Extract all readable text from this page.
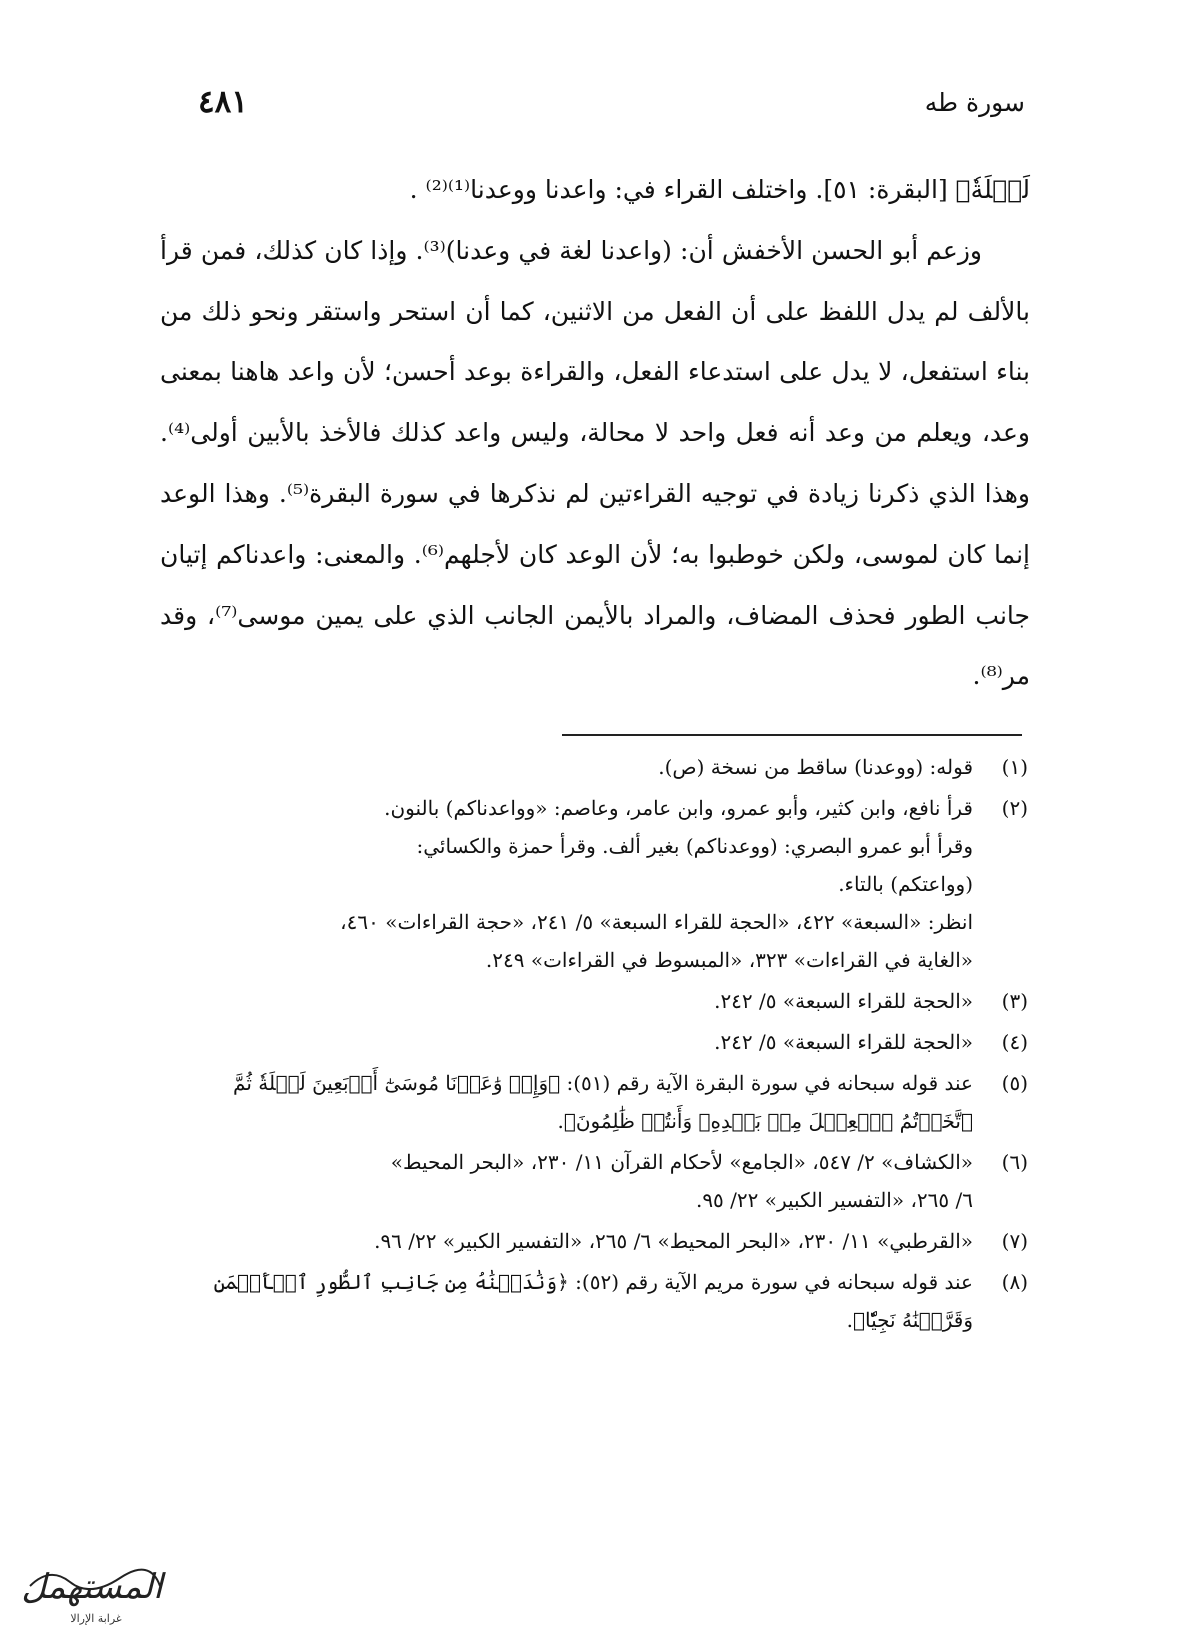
سورة طه
٤٨١

لَيۡلَةٗ﴾ [البقرة: ٥١]. واختلف القراء في: واعدنا ووعدنا⁽¹⁾⁽²⁾ .

وزعم أبو الحسن الأخفش أن: (واعدنا لغة في وعدنا)⁽³⁾. وإذا كان كذلك، فمن قرأ بالألف لم يدل اللفظ على أن الفعل من الاثنين، كما أن استحر واستقر ونحو ذلك من بناء استفعل، لا يدل على استدعاء الفعل، والقراءة بوعد أحسن؛ لأن واعد هاهنا بمعنى وعد، ويعلم من وعد أنه فعل واحد لا محالة، وليس واعد كذلك فالأخذ بالأبين أولى⁽⁴⁾. وهذا الذي ذكرنا زيادة في توجيه القراءتين لم نذكرها في سورة البقرة⁽⁵⁾. وهذا الوعد إنما كان لموسى، ولكن خوطبوا به؛ لأن الوعد كان لأجلهم⁽⁶⁾. والمعنى: واعدناكم إتيان جانب الطور فحذف المضاف، والمراد بالأيمن الجانب الذي على يمين موسى⁽⁷⁾، وقد مر⁽⁸⁾.

(١)
قوله: (ووعدنا) ساقط من نسخة (ص).
(٢)
قرأ نافع، وابن كثير، وأبو عمرو، وابن عامر، وعاصم: «وواعدناكم) بالنون.
وقرأ أبو عمرو البصري: (ووعدناكم) بغير ألف. وقرأ حمزة والكسائي:
(وواعتكم) بالتاء.
انظر: «السبعة» ٤٢٢، «الحجة للقراء السبعة» ٥/ ٢٤١، «حجة القراءات» ٤٦٠،
«الغاية في القراءات» ٣٢٣، «المبسوط في القراءات» ٢٤٩.
(٣)
«الحجة للقراء السبعة» ٥/ ٢٤٢.
(٤)
«الحجة للقراء السبعة» ٥/ ٢٤٢.
(٥)
عند قوله سبحانه في سورة البقرة الآية رقم (٥١): ﴿وَإِذۡ وَٰعَدۡنَا مُوسَىٰٓ أَرۡبَعِينَ لَيۡلَةٗ ثُمَّ
ٱتَّخَذۡتُمُ ٱلۡعِجۡلَ مِنۢ بَعۡدِهِۦ وَأَنتُمۡ ظَٰلِمُونَ﴾.
(٦)
«الكشاف» ٢/ ٥٤٧، «الجامع» لأحكام القرآن ١١/ ٢٣٠، «البحر المحيط»
٦/ ٢٦٥، «التفسير الكبير» ٢٢/ ٩٥.
(٧)
«القرطبي» ١١/ ٢٣٠، «البحر المحيط» ٦/ ٢٦٥، «التفسير الكبير» ٢٢/ ٩٦.
(٨)
عند قوله سبحانه في سورة مريم الآية رقم (٥٢): ﴿وَنَٰدَيۡنَٰهُ مِن جَانِبِ ٱلطُّورِ ٱلۡأَيۡمَنِ
وَقَرَّبۡنَٰهُ نَجِيّٗا﴾.
المستهمل
غرابة الإرالا
